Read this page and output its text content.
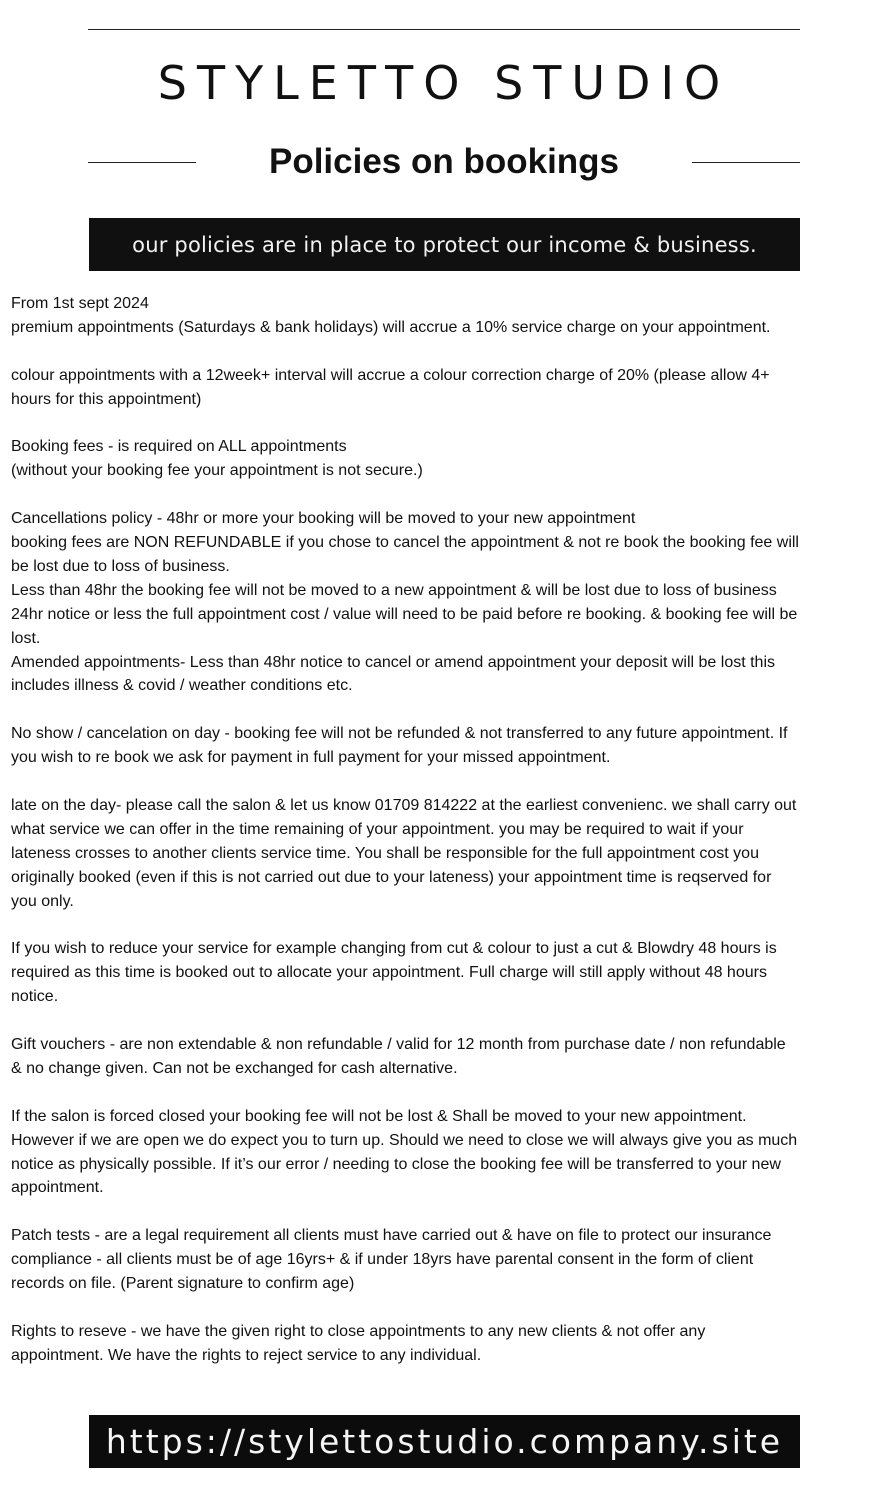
STYLETTO STUDIO
Policies on bookings
our policies are in place to protect our income & business.

From 1st sept 2024
premium appointments (Saturdays & bank holidays) will accrue a 10% service charge on your appointment.

colour appointments with a 12week+ interval will accrue a colour correction charge of 20% (please allow 4+
hours for this appointment)

Booking fees - is required on ALL appointments
(without your booking fee your appointment is not secure.)

Cancellations policy - 48hr or more your booking will be moved to your new appointment
booking fees are NON REFUNDABLE if you chose to cancel the appointment & not re book the booking fee will
be lost due to loss of business.
Less than 48hr the booking fee will not be moved to a new appointment & will be lost due to loss of business
24hr notice or less the full appointment cost / value will need to be paid before re booking. & booking fee will be
lost.
Amended appointments- Less than 48hr notice to cancel or amend appointment your deposit will be lost this
includes illness & covid / weather conditions etc.

No show / cancelation on day - booking fee will not be refunded & not transferred to any future appointment. If
you wish to re book we ask for payment in full payment for your missed appointment.

late on the day- please call the salon & let us know 01709 814222 at the earliest convenienc. we shall carry out
what service we can offer in the time remaining of your appointment. you may be required to wait if your
lateness crosses to another clients service time. You shall be responsible for the full appointment cost you
originally booked (even if this is not carried out due to your lateness) your appointment time is reqserved for
you only.

If you wish to reduce your service for example changing from cut & colour to just a cut & Blowdry 48 hours is
required as this time is booked out to allocate your appointment. Full charge will still apply without 48 hours
notice.

Gift vouchers - are non extendable & non refundable / valid for 12 month from purchase date / non refundable
& no change given. Can not be exchanged for cash alternative.

If the salon is forced closed your booking fee will not be lost & Shall be moved to your new appointment.
However if we are open we do expect you to turn up. Should we need to close we will always give you as much
notice as physically possible. If it’s our error / needing to close the booking fee will be transferred to your new
appointment.

Patch tests - are a legal requirement all clients must have carried out & have on file to protect our insurance
compliance - all clients must be of age 16yrs+ & if under 18yrs have parental consent in the form of client
records on file. (Parent signature to confirm age)

Rights to reseve - we have the given right to close appointments to any new clients & not offer any
appointment. We have the rights to reject service to any individual.

https://stylettostudio.company.site
